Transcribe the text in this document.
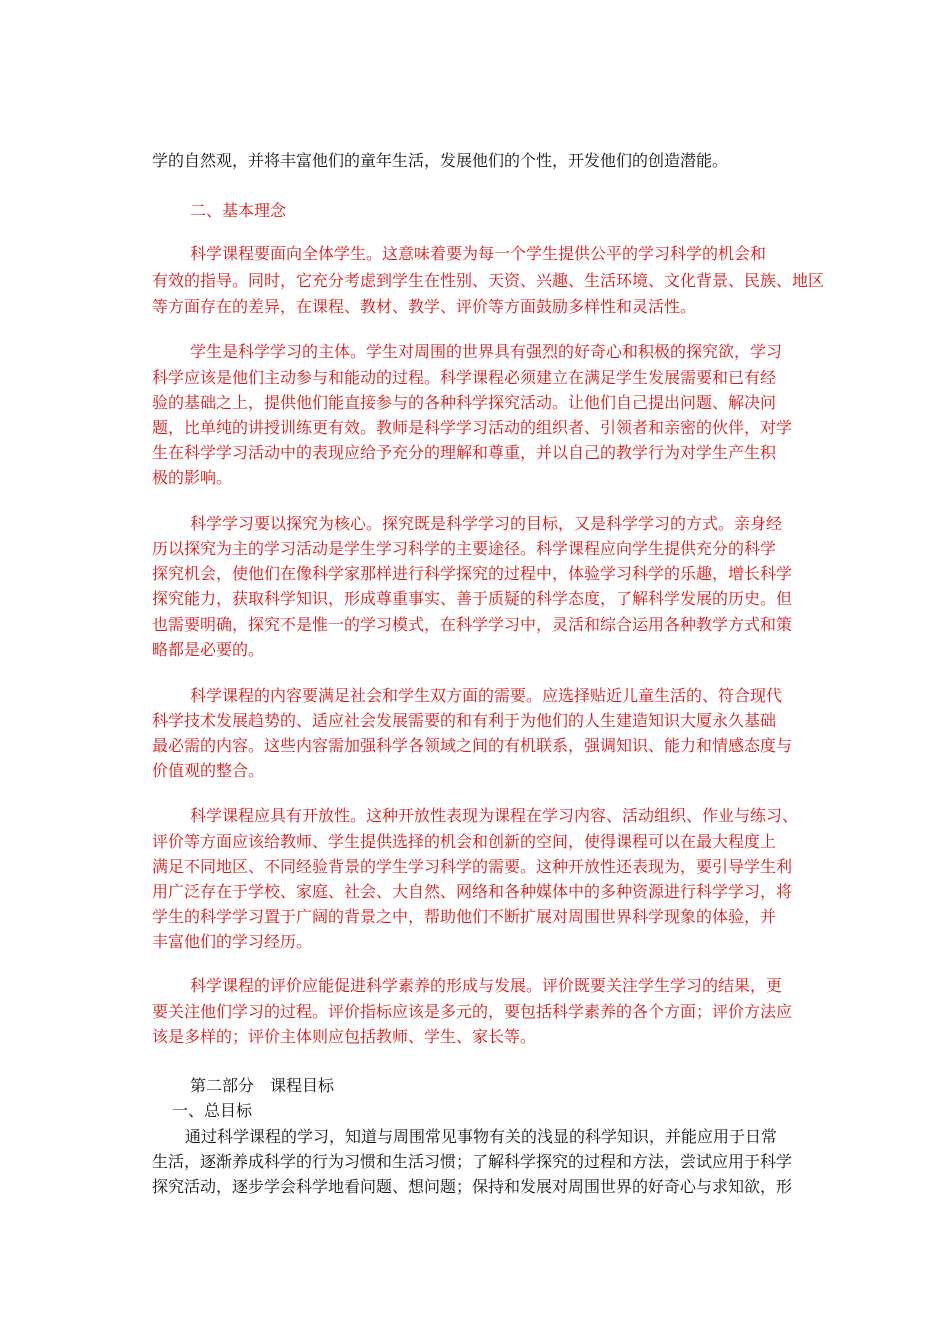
学的自然观，并将丰富他们的童年生活，发展他们的个性，开发他们的创造潜能。
二、基本理念
科学课程要面向全体学生。这意味着要为每一个学生提供公平的学习科学的机会和
有效的指导。同时，它充分考虑到学生在性别、天资、兴趣、生活环境、文化背景、民族、地区
等方面存在的差异，在课程、教材、教学、评价等方面鼓励多样性和灵活性。
学生是科学学习的主体。学生对周围的世界具有强烈的好奇心和积极的探究欲，学习
科学应该是他们主动参与和能动的过程。科学课程必须建立在满足学生发展需要和已有经
验的基础之上，提供他们能直接参与的各种科学探究活动。让他们自己提出问题、解决问
题，比单纯的讲授训练更有效。教师是科学学习活动的组织者、引领者和亲密的伙伴，对学
生在科学学习活动中的表现应给予充分的理解和尊重，并以自己的教学行为对学生产生积
极的影响。
科学学习要以探究为核心。探究既是科学学习的目标，又是科学学习的方式。亲身经
历以探究为主的学习活动是学生学习科学的主要途径。科学课程应向学生提供充分的科学
探究机会，使他们在像科学家那样进行科学探究的过程中，体验学习科学的乐趣，增长科学
探究能力，获取科学知识，形成尊重事实、善于质疑的科学态度，了解科学发展的历史。但
也需要明确，探究不是惟一的学习模式，在科学学习中，灵活和综合运用各种教学方式和策
略都是必要的。
科学课程的内容要满足社会和学生双方面的需要。应选择贴近儿童生活的、符合现代
科学技术发展趋势的、适应社会发展需要的和有利于为他们的人生建造知识大厦永久基础
最必需的内容。这些内容需加强科学各领域之间的有机联系，强调知识、能力和情感态度与
价值观的整合。
科学课程应具有开放性。这种开放性表现为课程在学习内容、活动组织、作业与练习、
评价等方面应该给教师、学生提供选择的机会和创新的空间，使得课程可以在最大程度上
满足不同地区、不同经验背景的学生学习科学的需要。这种开放性还表现为，要引导学生利
用广泛存在于学校、家庭、社会、大自然、网络和各种媒体中的多种资源进行科学学习，将
学生的科学学习置于广阔的背景之中，帮助他们不断扩展对周围世界科学现象的体验，并
丰富他们的学习经历。
科学课程的评价应能促进科学素养的形成与发展。评价既要关注学生学习的结果，更
要关注他们学习的过程。评价指标应该是多元的，要包括科学素养的各个方面；评价方法应
该是多样的；评价主体则应包括教师、学生、家长等。
第二部分　课程目标
一、总目标
通过科学课程的学习，知道与周围常见事物有关的浅显的科学知识，并能应用于日常
生活，逐渐养成科学的行为习惯和生活习惯；了解科学探究的过程和方法，尝试应用于科学
探究活动，逐步学会科学地看问题、想问题；保持和发展对周围世界的好奇心与求知欲，形
